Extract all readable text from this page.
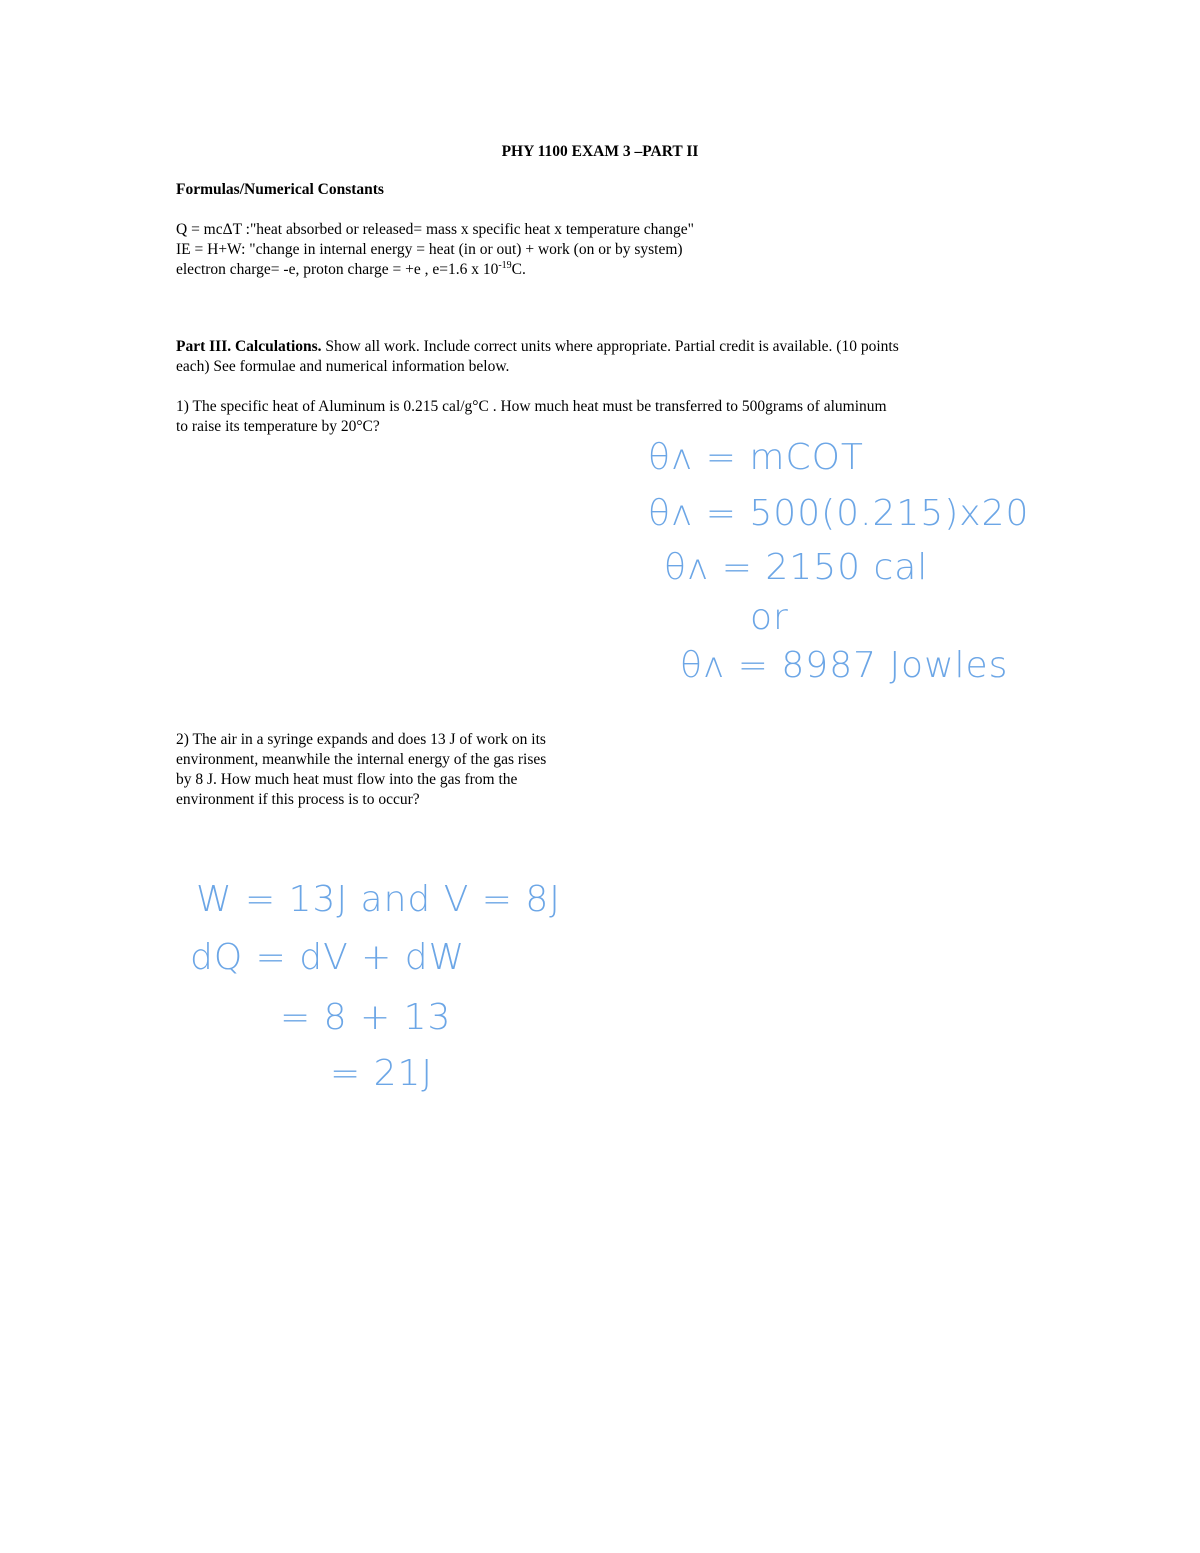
PHY 1100 EXAM 3 –PART II
Formulas/Numerical Constants
Q = mcΔT :"heat absorbed or released= mass x specific heat x temperature change"
IE = H+W: "change in internal energy = heat (in or out) + work (on or by system)
electron charge= -e, proton charge = +e , e=1.6 x $10^{-19}C$.
Part III. Calculations. Show all work. Include correct units where appropriate. Partial credit is available. (10 points
each) See formulae and numerical information below.
1) The specific heat of Aluminum is 0.215 cal/g°C . How much heat must be transferred to 500grams of aluminum
to raise its temperature by 20°C?
θʌ = mCOT
θʌ = 500(0.215)x20
θʌ = 2150 cal
or
θʌ = 8987 Jowles
2) The air in a syringe expands and does 13 J of work on its
environment, meanwhile the internal energy of the gas rises
by 8 J. How much heat must flow into the gas from the
environment if this process is to occur?
W = 13J and V = 8J
dQ = dV + dW
= 8 + 13
= 21J
